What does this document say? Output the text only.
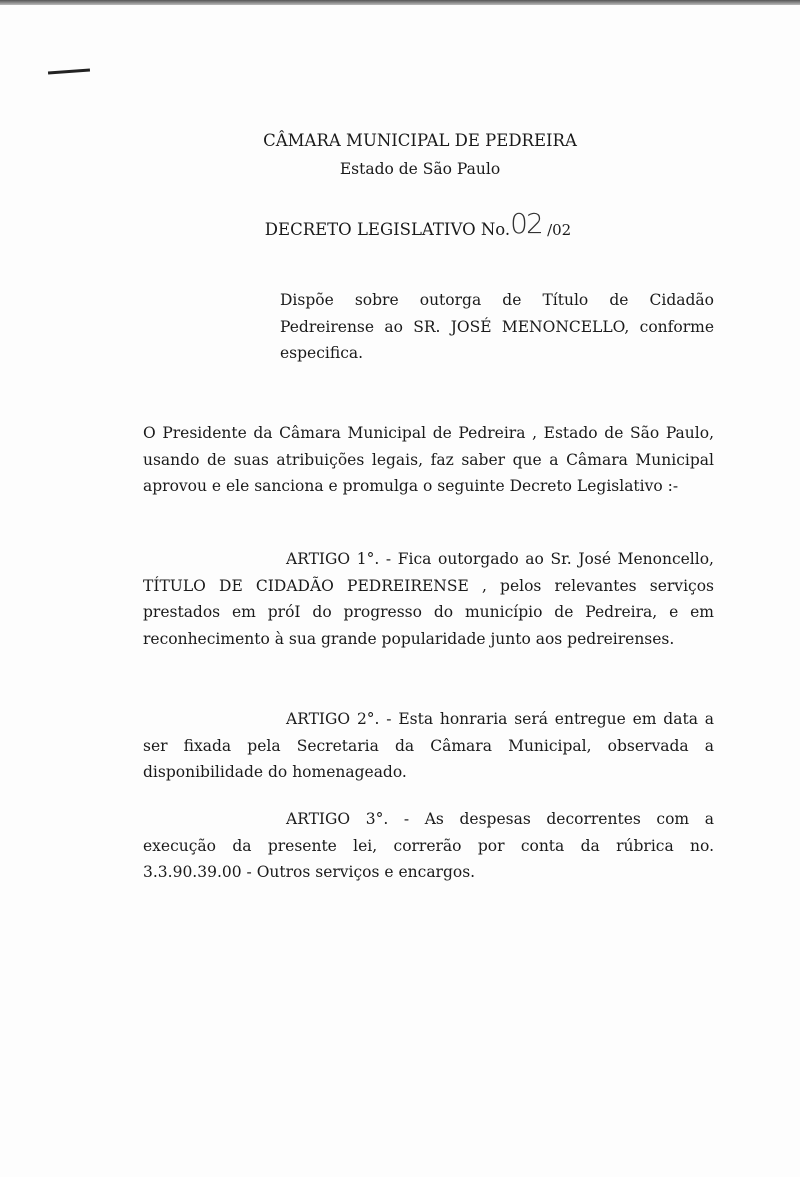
CÂMARA MUNICIPAL DE PEDREIRA
Estado de São Paulo
DECRETO LEGISLATIVO No.02 /02
Dispõe sobre outorga de Título de Cidadão Pedreirense ao SR. JOSÉ MENONCELLO, conforme especifica.
O Presidente da Câmara Municipal de Pedreira , Estado de São Paulo, usando de suas atribuições legais, faz saber que a Câmara Municipal aprovou e ele sanciona e promulga o seguinte Decreto Legislativo :-
ARTIGO 1°. - Fica outorgado ao Sr. José Menoncello, TÍTULO DE CIDADÃO PEDREIRENSE , pelos relevantes serviços prestados em próI do progresso do município de Pedreira, e em reconhecimento à sua grande popularidade junto aos pedreirenses.
ARTIGO 2°. - Esta honraria será entregue em data a ser fixada pela Secretaria da Câmara Municipal, observada a disponibilidade do homenageado.
ARTIGO 3°. - As despesas decorrentes com a execução da presente lei, correrão por conta da rúbrica no. 3.3.90.39.00 - Outros serviços e encargos.
